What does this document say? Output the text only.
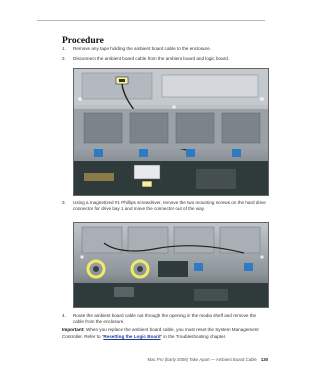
Procedure
1. Remove any tape holding the ambient board cable to the enclosure.
2. Disconnect the ambient board cable from the ambient board and logic board.
3. Using a magnetized #1 Phillips screwdriver, remove the two mounting screws on the hard drive connector for drive bay 1 and move the connector out of the way.
4. Route the ambient board cable out through the opening in the media shelf and remove the cable from the enclosure.
Important: When you replace the ambient board cable, you must reset the System Management Controller. Refer to “Resetting the Logic Board” in the Troubleshooting chapter.
Mac Pro (Early 2008) Take Apart — Ambient Board Cable 130
